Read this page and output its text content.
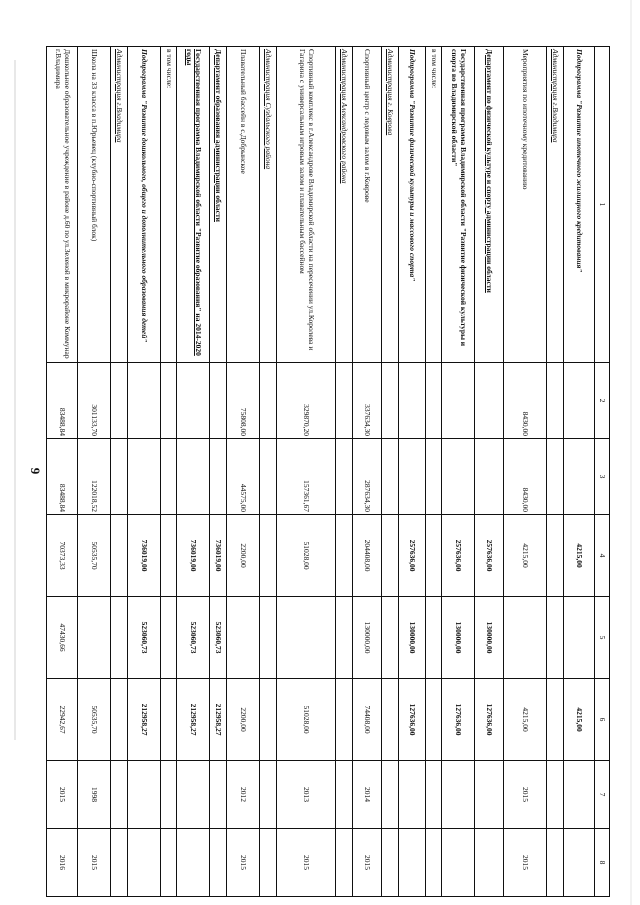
1	2	3	4	5	6	7	8
Подпрограмма "Развитие ипотечного жилищного кредитования"			4215,00		4215,00		
Администрация г.Владимира							
Мероприятия по ипотечному кредитованию	8430,00	8430,00	4215,00		4215,00	2015	2015
Департамент по физической культуре и спорту администрации области			257636,00	130000,00	127636,00		
Государственная программа Владимирской области "Развитие физической культуры и спорта во Владимирской области"			257636,00	130000,00	127636,00		
в том числе:							
Подпрограмма "Развитие физической культуры и массового спорта"			257636,00	130000,00	127636,00		
Администрация г. Коврова							
Спортивный центр с ледовым залом в г.Коврове	337634,30	287634,30	204408,00	130000,00	74408,00	2014	2015
Администрация Александровского района							
Спортивный комплекс в г.Александрове Владимирской области на пересечении ул.Королева и Гагарина с универсальным игровым залом и плавательным бассейном	329870,20	157361,67	51028,00		51028,00	2013	2015
Администрация Суздальского района							
Плавательный бассейн в с.Добрынское	75808,00	44575,00	2200,00		2200,00	2012	2015
Департамент образования администрации области			736019,00	523060,73	212958,27		
Государственная программа Владимирской области "Развитие образования" на 2014-2020 годы			736019,00	523060,73	212958,27		
в том числе:							
Подпрограмма "Развитие дошкольного, общего и дополнительного образования детей"			736019,00	523060,73	212958,27		
Администрация г.Владимира							
Школа на 33 класса в п.Юрьевец (клубно-спортивный блок)	301133,70	122018,52	50535,70		50535,70	1998	2015
Дошкольное образовательное учреждение в районе д.60 по ул.Зеленой в микрорайоне Коммунар г.Владимира	83488,84	83488,84	70373,33	47430,66	22942,67	2015	2016
9
